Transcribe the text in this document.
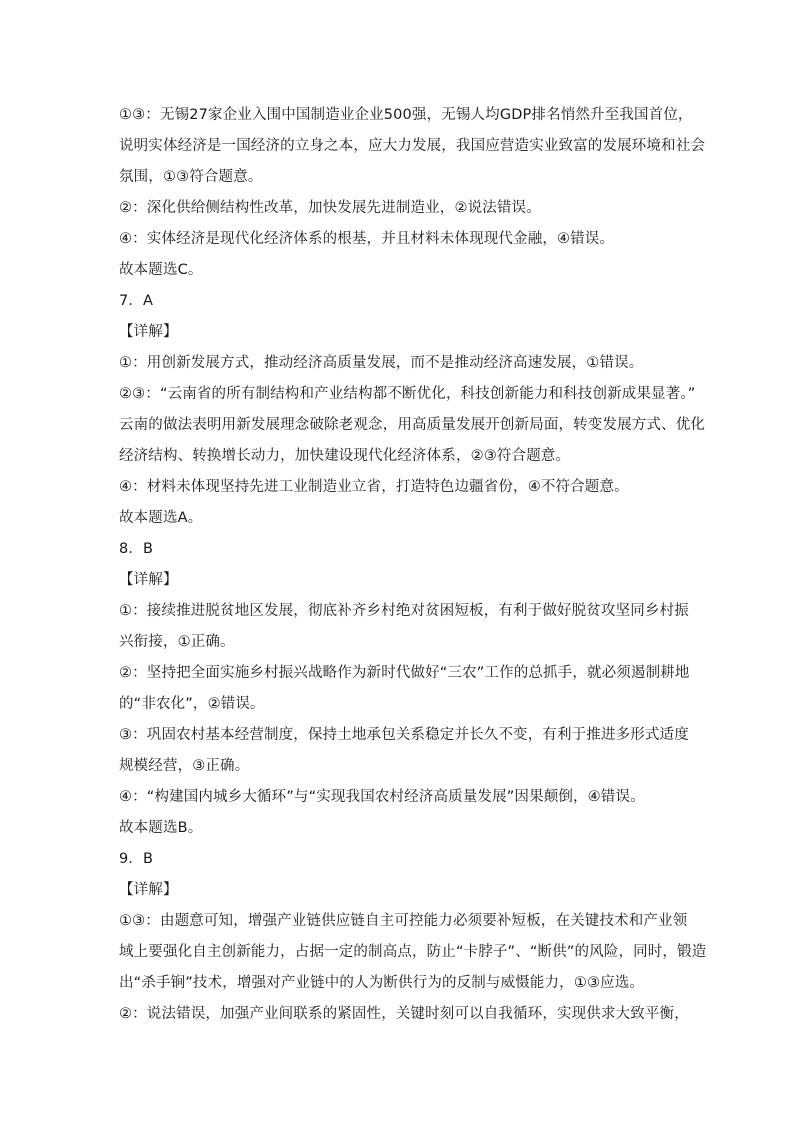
①③：无锡27家企业入围中国制造业企业500强，无锡人均GDP排名悄然升至我国首位，
说明实体经济是一国经济的立身之本，应大力发展，我国应营造实业致富的发展环境和社会
氛围，①③符合题意。
②：深化供给侧结构性改革，加快发展先进制造业，②说法错误。
④：实体经济是现代化经济体系的根基，并且材料未体现现代金融，④错误。
故本题选C。
7．A
【详解】
①：用创新发展方式，推动经济高质量发展，而不是推动经济高速发展，①错误。
②③：“云南省的所有制结构和产业结构都不断优化，科技创新能力和科技创新成果显著。”
云南的做法表明用新发展理念破除老观念，用高质量发展开创新局面，转变发展方式、优化
经济结构、转换增长动力，加快建设现代化经济体系，②③符合题意。
④：材料未体现坚持先进工业制造业立省，打造特色边疆省份，④不符合题意。
故本题选A。
8．B
【详解】
①：接续推进脱贫地区发展，彻底补齐乡村绝对贫困短板，有利于做好脱贫攻坚同乡村振
兴衔接，①正确。
②：坚持把全面实施乡村振兴战略作为新时代做好“三农”工作的总抓手，就必须遏制耕地
的“非农化”，②错误。
③：巩固农村基本经营制度，保持土地承包关系稳定并长久不变，有利于推进多形式适度
规模经营，③正确。
④：“构建国内城乡大循环”与“实现我国农村经济高质量发展”因果颠倒，④错误。
故本题选B。
9．B
【详解】
①③：由题意可知，增强产业链供应链自主可控能力必须要补短板，在关键技术和产业领
域上要强化自主创新能力，占据一定的制高点，防止“卡脖子”、“断供”的风险，同时，锻造
出“杀手锏”技术，增强对产业链中的人为断供行为的反制与威慑能力，①③应选。
②：说法错误，加强产业间联系的紧固性，关键时刻可以自我循环，实现供求大致平衡，
